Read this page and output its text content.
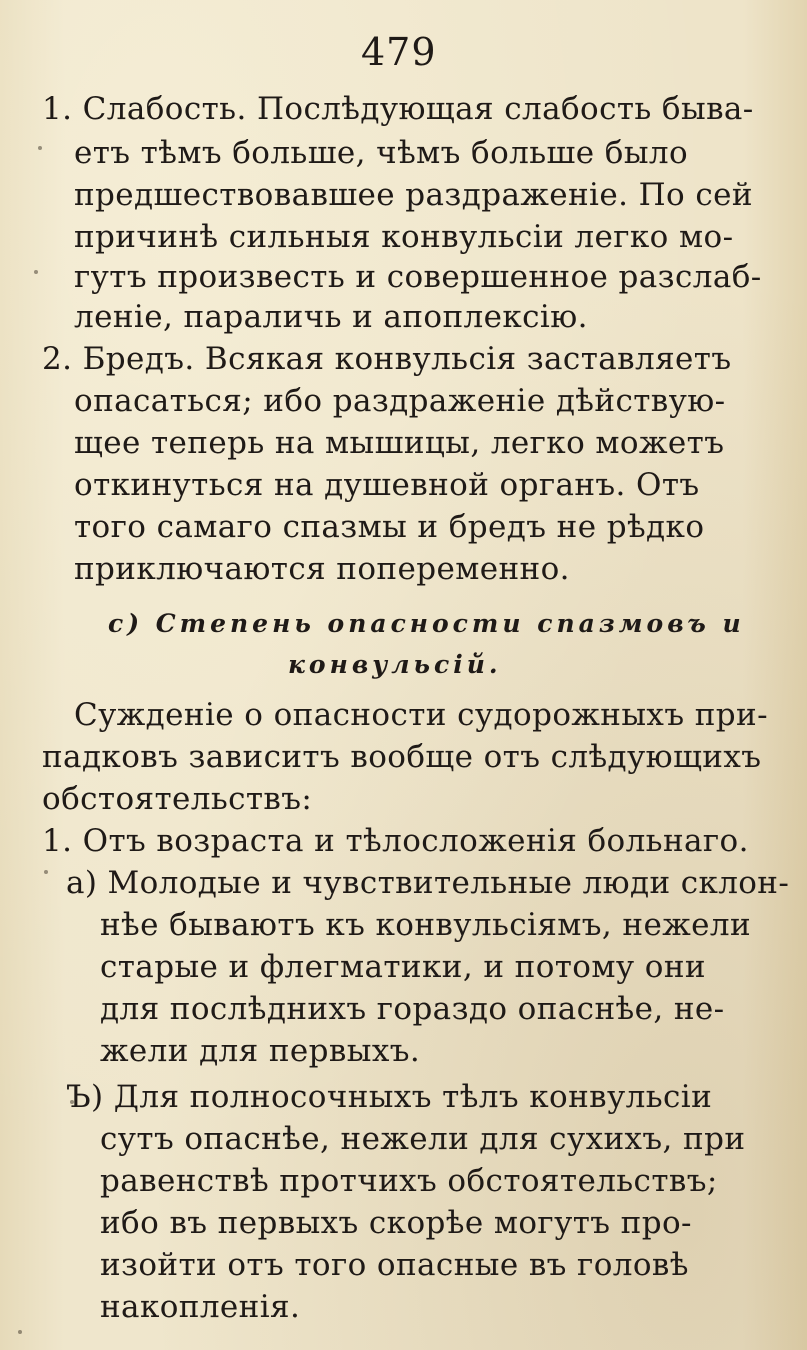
479
1. Слабость. Послѣдующая слабость быва-
етъ тѣмъ больше, чѣмъ больше было
предшествовавшее раздраженіе. По сей
причинѣ сильныя конвульсіи легко мо-
гутъ произвесть и совершенное разслаб-
леніе, параличь и апоплексію.
2. Бредъ. Всякая конвульсія заставляетъ
опасаться; ибо раздраженіе дѣйствую-
щее теперь на мышицы, легко можетъ
откинуться на душевной органъ. Отъ
того самаго спазмы и бредъ не рѣдко
приключаются попеременно.
c) Степень опасности спазмовъ и
конвульсій.
Сужденіе о опасности судорожныхъ при-
падковъ зависитъ вообще отъ слѣдующихъ
обстоятельствъ:
1. Отъ возраста и тѣлосложенія больнаго.
а) Молодые и чувствительные люди склон-
нѣе бываютъ къ конвульсіямъ, нежели
старые и флегматики, и потому они
для послѣднихъ гораздо опаснѣе, не-
жели для первыхъ.
Ъ) Для полносочныхъ тѣлъ конвульсіи
сутъ опаснѣе, нежели для сухихъ, при
равенствѣ протчихъ обстоятельствъ;
ибо въ первыхъ скорѣе могутъ про-
изойти отъ того опасные въ головѣ
накопленія.
